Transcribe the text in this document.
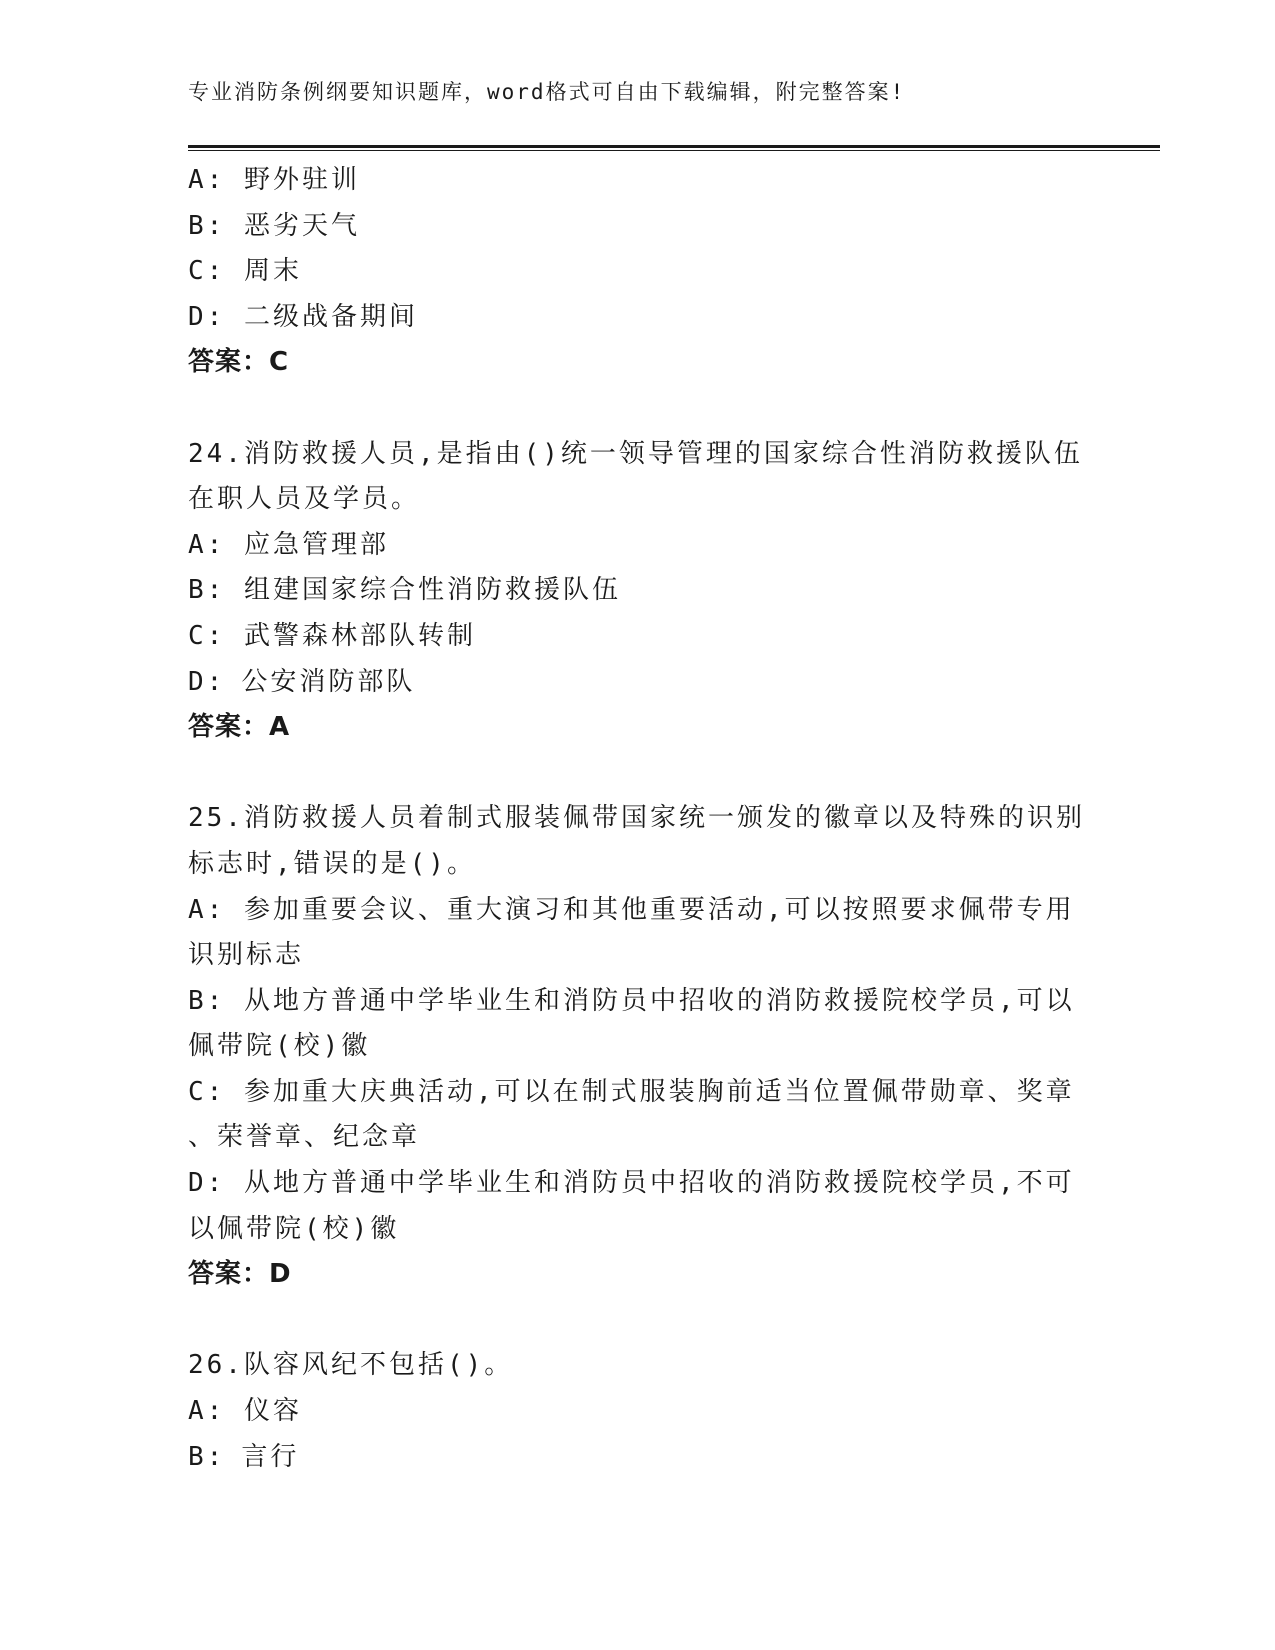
专业消防条例纲要知识题库，word格式可自由下载编辑，附完整答案!
A: 野外驻训
B: 恶劣天气
C: 周末
D: 二级战备期间
答案：C
24.消防救援人员,是指由()统一领导管理的国家综合性消防救援队伍
在职人员及学员。
A: 应急管理部
B: 组建国家综合性消防救援队伍
C: 武警森林部队转制
D: 公安消防部队
答案：A
25.消防救援人员着制式服装佩带国家统一颁发的徽章以及特殊的识别
标志时,错误的是()。
A: 参加重要会议、重大演习和其他重要活动,可以按照要求佩带专用
识别标志
B: 从地方普通中学毕业生和消防员中招收的消防救援院校学员,可以
佩带院(校)徽
C: 参加重大庆典活动,可以在制式服装胸前适当位置佩带勋章、奖章
、荣誉章、纪念章
D: 从地方普通中学毕业生和消防员中招收的消防救援院校学员,不可
以佩带院(校)徽
答案：D
26.队容风纪不包括()。
A: 仪容
B: 言行
